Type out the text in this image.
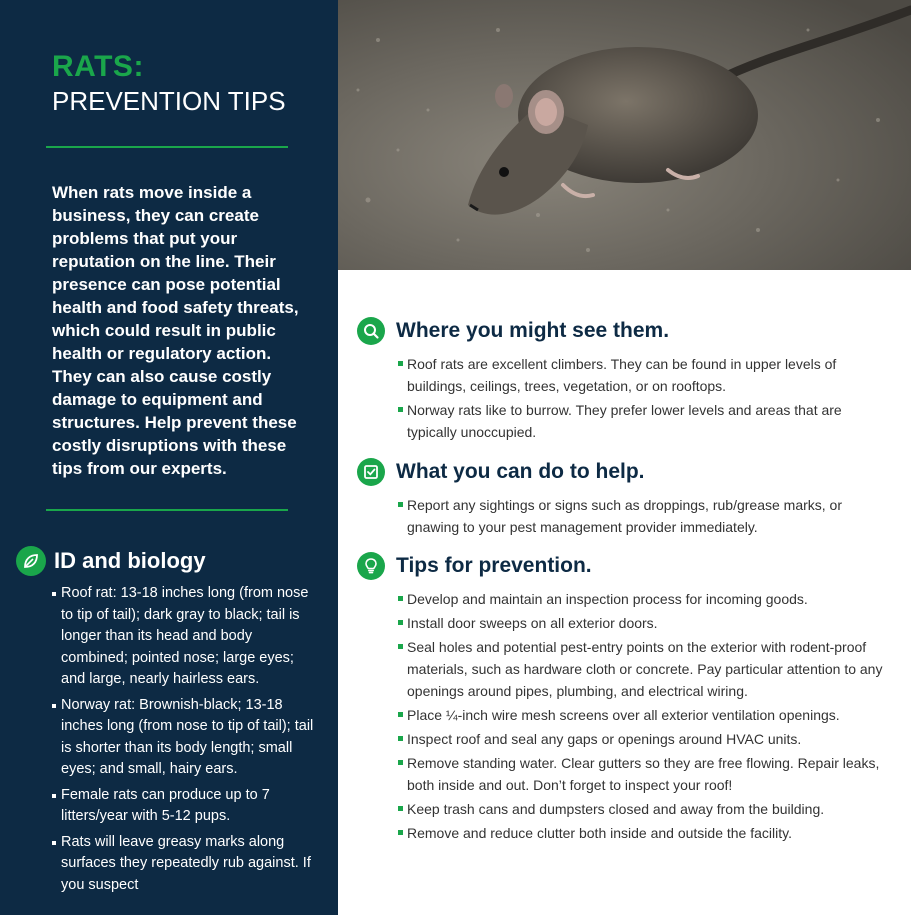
RATS:
PREVENTION TIPS
When rats move inside a business, they can create problems that put your reputation on the line. Their presence can pose potential health and food safety threats, which could result in public health or regulatory action. They can also cause costly damage to equipment and structures. Help prevent these costly disruptions with these tips from our experts.
ID and biology
Roof rat: 13-18 inches long (from nose to tip of tail); dark gray to black; tail is longer than its head and body combined; pointed nose; large eyes; and large, nearly hairless ears.
Norway rat: Brownish-black; 13-18 inches long (from nose to tip of tail); tail is shorter than its body length; small eyes; and small, hairy ears.
Female rats can produce up to 7 litters/year with 5-12 pups.
Rats will leave greasy marks along surfaces they repeatedly rub against. If you suspect
Where you might see them.
Roof rats are excellent climbers. They can be found in upper levels of buildings, ceilings, trees, vegetation, or on rooftops.
Norway rats like to burrow. They prefer lower levels and areas that are typically unoccupied.
What you can do to help.
Report any sightings or signs such as droppings, rub/grease marks, or gnawing to your pest management provider immediately.
Tips for prevention.
Develop and maintain an inspection process for incoming goods.
Install door sweeps on all exterior doors.
Seal holes and potential pest-entry points on the exterior with rodent-proof materials, such as hardware cloth or concrete. Pay particular attention to any openings around pipes, plumbing, and electrical wiring.
Place ¼-inch wire mesh screens over all exterior ventilation openings.
Inspect roof and seal any gaps or openings around HVAC units.
Remove standing water. Clear gutters so they are free flowing. Repair leaks, both inside and out. Don’t forget to inspect your roof!
Keep trash cans and dumpsters closed and away from the building.
Remove and reduce clutter both inside and outside the facility.
